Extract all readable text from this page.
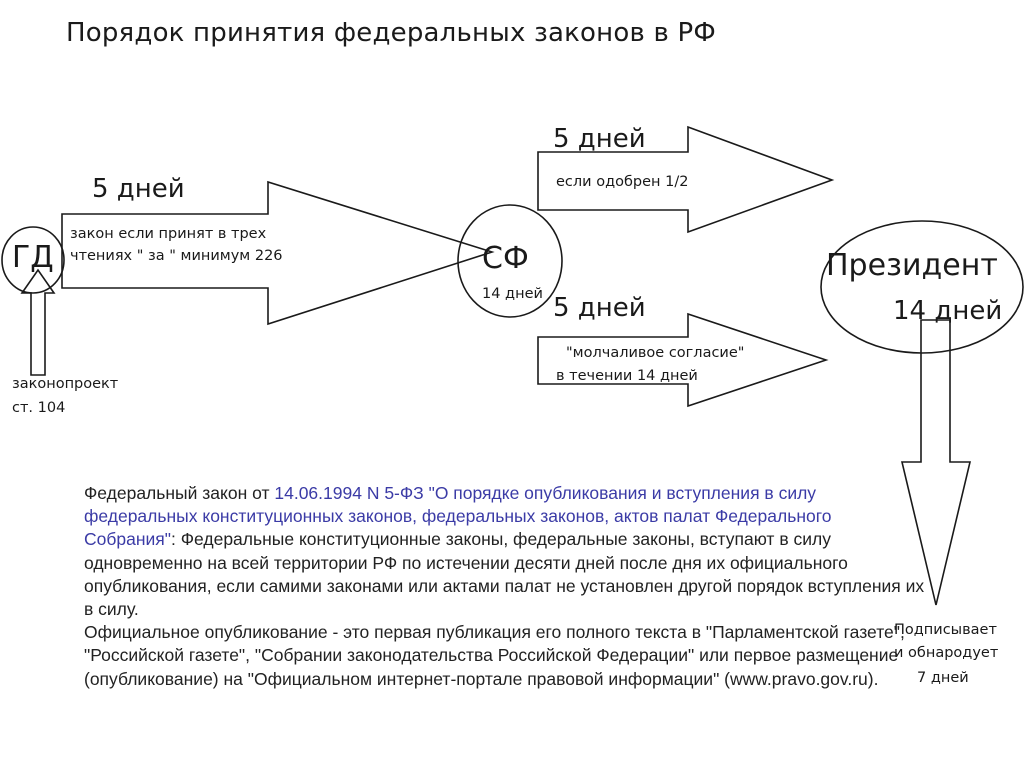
Порядок принятия федеральных законов в РФ
ГД
законопроект
ст. 104
5 дней
закон если принят в трех
чтениях " за " минимум 226	СФ
14 дней
5 дней
если одобрен 1/2
5 дней
"молчаливое согласие"
в течении 14 дней
Президент
14 дней
Подписывает
и обнародует
7 дней

Федеральный закон от 14.06.1994 N 5-ФЗ "О порядке опубликования и вступления в силу федеральных конституционных законов, федеральных законов, актов палат Федерального Собрания": Федеральные конституционные законы, федеральные законы, вступают в силу одновременно на всей территории РФ по истечении десяти дней после дня их официального опубликования, если самими законами или актами палат не установлен другой порядок вступления их в силу.

Официальное опубликование - это первая публикация его полного текста в "Парламентской газете", "Российской газете", "Собрании законодательства Российской Федерации" или первое размещение (опубликование) на "Официальном интернет-портале правовой информации" (www.pravo.gov.ru).
